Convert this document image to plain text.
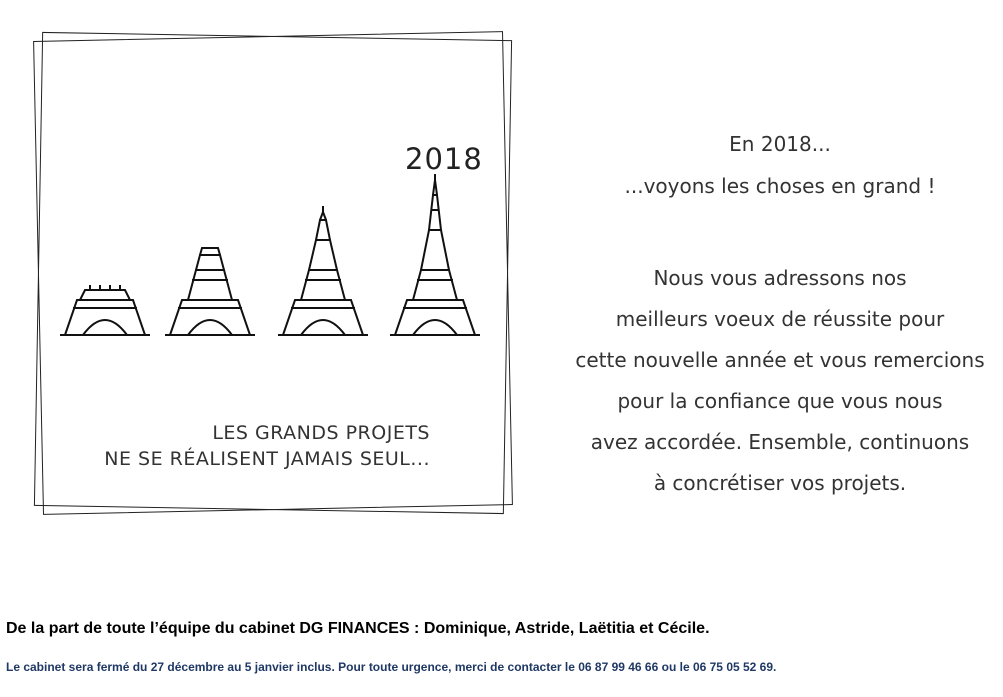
2018
LES GRANDS PROJETS
NE SE RÉALISENT JAMAIS SEUL...
En 2018...
...voyons les choses en grand !
Nous vous adressons nos
meilleurs voeux de réussite pour
cette nouvelle année et vous remercions
pour la confiance que vous nous
avez accordée. Ensemble, continuons
à concrétiser vos projets.
De la part de toute l’équipe du cabinet DG FINANCES : Dominique, Astride, Laëtitia et Cécile.
Le cabinet sera fermé du 27 décembre au 5 janvier inclus. Pour toute urgence, merci de contacter le 06 87 99 46 66 ou le 06 75 05 52 69.
